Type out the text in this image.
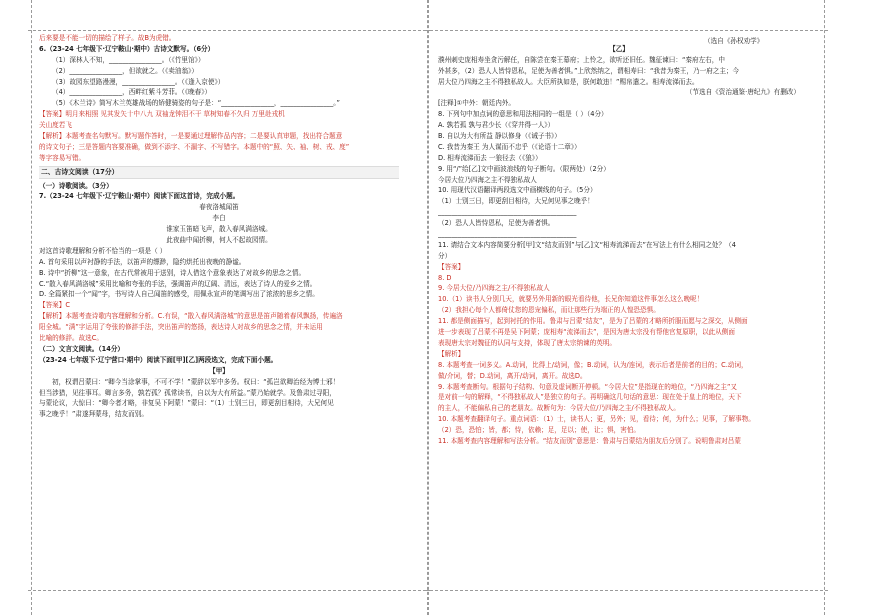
（选自《孙权劝学》
后来要是不能一切的描绘了样子。故B为虎错。
6.（23-24 七年级下·辽宁鞍山·期中）古诗文默写。（6分）
（1）深林人不知，________________。（《竹里馆》）
（2）________________，但欲就之。（《卖油翁》）
（3）故园东望路漫漫，________________。（《逢入京使》）
（4）________________，西畔红紫斗芳菲。（《晚春》）
（5）《木兰诗》简写木兰英雄战场的矫健骑姿的句子是：“________________，________________。”
【答案】明月来相照 见其发矢十中八九 双袖龙钟泪不干 草树知春不久归 万里赴戎机
关山度若飞
【解析】本题考查名句默写。默写题作答时，一是要通过理解作品内容；二是要认真审题，找出符合题意
的诗文句子；三是答题内容要准确，做到不添字、不漏字、不写错字。本题中的“照、矢、袖、树、戎、度”
等字容易写错。
二、古诗文阅读（17分）
（一）诗歌阅读。（3分）
7.（23-24 七年级下·辽宁鞍山·期中）阅读下面这首诗，完成小题。
春夜洛城闻笛
李白
谁家玉笛暗飞声，散入春风满洛城。
此夜曲中闻折柳，何人不起故园情。
对这首诗歌理解和分析不恰当的一项是（ ）
A. 首句采用以声衬静的手法，以笛声的缥渺，隐约烘托出夜晚的静谧。
B. 诗中“折柳”这一意象，在古代常被用于送别，诗人借这个意象表达了对故乡的思念之情。
C.“散入春风满洛城”采用比喻和夸张的手法，强调笛声的辽阔、清远，表达了诗人的爱乡之情。
D. 全篇紧扣一个“闻”字，书写诗人自己闻笛的感受，用佩永宣声的笔调写出了浓浓的思乡之情。
【答案】C
【解析】本题考查诗歌内容理解和分析。C.有误，“散入春风满洛城”的意思是笛声随着春风飘扬，传遍洛
阳全城。“满”字运用了夸张的修辞手法，突出笛声的悠扬，表达诗人对故乡的思念之情，并未运用
比喻的修辞。故选C。
（二）文言文阅读。（14分）
（23-24 七年级下·辽宁营口·期中）阅读下面[甲][乙]两段选文，完成下面小题。
【甲】
初，权谓吕蒙曰：“卿今当涂掌事，不可不学！”蒙辞以军中多务。权曰：“孤岂欲卿治经为博士邪！
但当涉猎，见往事耳。卿言多务，孰若孤？孤常读书，自以为大有所益。”蒙乃始就学。及鲁肃过寻阳，
与蒙论议，大惊曰：“卿今者才略，非复吴下阿蒙！”蒙曰：“（1）士别三日，即更刮目相待，大兄何见
事之晚乎！”肃遂拜蒙母，结友而别。
【乙】
濮州刺史庞相寿坐贪污解任，自陈尝在秦王幕府；上怜之，欲听还旧任。魏征谏曰：“秦府左右，中
外甚多，（2）恐人人皆恃恩私，足使为善者惧。”上欣然纳之，谓相寿曰：“我昔为秦王，乃一府之主；今
居大位乃四海之主不得独私故人。大臣所执如是，朕何敢违！”赐帛遣之。相寿流涕而去。
（节选自《资治通鉴·唐纪九》有删改）
[注释]①中外：朝廷内外。
8. 下列句中加点词的意思和用法相同的一组是（ ）（4分）
A. 孰若孤 孰与君少长（《穿井得一人》）
B. 自以为大有所益 静以修身（《诫子书》）
C. 我昔为秦王 为人谋而不忠乎（《论语十二章》）
D. 相寿流涕而去 一狼径去（《狼》）
9. 用“/”给[乙]文中画波浪线的句子断句。（限两处）（2分）
今居大位乃四海之主不得独私故人
10. 用现代汉语翻译两段选文中画横线的句子。（5分）
（1）士别三日，即更刮目相待，大兄何见事之晚乎！
__________________________________________
（2）恐人人皆恃恩私，足使为善者惧。
__________________________________________
11. 请结合文本内容简要分析[甲]文“结友而别”与[乙]文“相寿流涕而去”在写法上有什么相同之处？（4
分）
【答案】
8. D
9. 今居大位/乃四海之主/不得独私故人
10.（1）读书人分别几天，就要另外用新的眼光看待他，长兄你知道这件事怎么这么晚呢！
（2）我担心每个人都倚仗您的恩宠偏私，而让那些行为端正的人惶恐恐惧。
11. 都是侧面描写，起到衬托的作用。鲁肃与吕蒙“结友”，是为了吕蒙的才略所折服而愿与之深交，从侧面
进一步表现了吕蒙不再是吴下阿蒙；庞相寿“流涕而去”，是因为唐太宗没有帮他官复原职，以此从侧面
表现唐太宗对魏征的认同与支持，体现了唐太宗纳谏的英明。
【解析】
8. 本题考查一词多义。A.动词，比得上/动词，像；B.动词，认为/连词，表示后者是前者的目的；C.动词，
做/介词，替；D.动词，离开/动词，离开。故选D。
9. 本题考查断句。根据句子结构、句意及虚词断开停顿。“今居大位”是指现在的地位，“乃四海之主”又
是对前一句的解释，“不得独私故人”是独立的句子。再明确这几句话的意思：现在处于皇上的地位，天下
的主人，不能偏私自己的老朋友。故断句为：今居大位/乃四海之主/不得独私故人。
10. 本题考查翻译句子。重点词语：（1）士，读书人；更，另外；见，看待；何，为什么；见事，了解事物。
（2）恐，恐怕；皆，都；恃，依赖；足，足以；使，让；惧，害怕。
11. 本题考查内容理解和写法分析。“结友而别”意思是：鲁肃与吕蒙结为朋友后分别了。说明鲁肃对吕蒙
